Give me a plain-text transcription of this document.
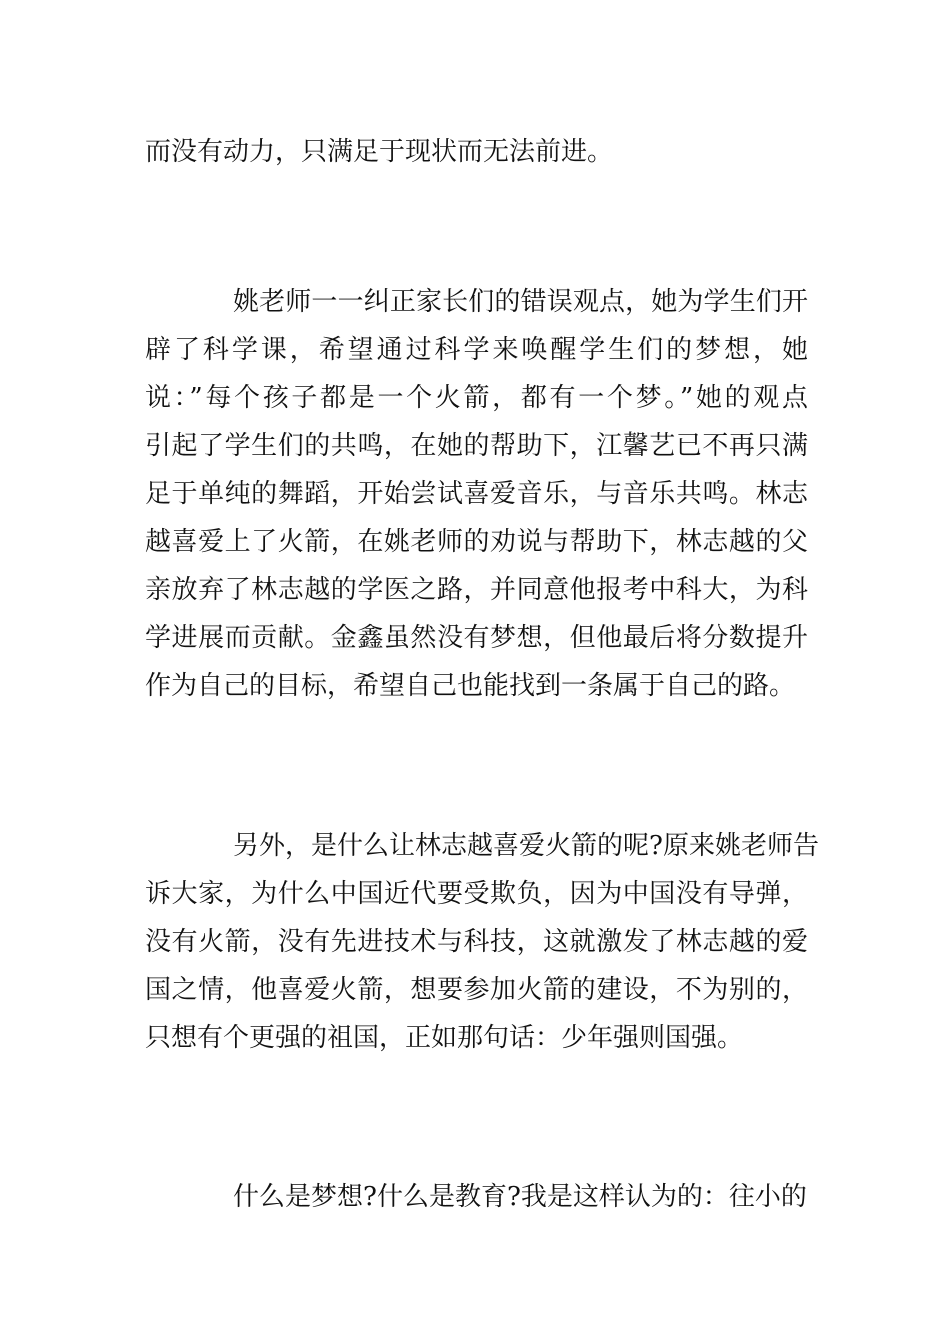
而没有动力，只满足于现状而无法前进。

姚老师一一纠正家长们的错误观点，她为学生们开
辟了科学课，希望通过科学来唤醒学生们的梦想，她
说：”每个孩子都是一个火箭，都有一个梦。”她的观点
引起了学生们的共鸣，在她的帮助下，江馨艺已不再只满
足于单纯的舞蹈，开始尝试喜爱音乐，与音乐共鸣。林志
越喜爱上了火箭，在姚老师的劝说与帮助下，林志越的父
亲放弃了林志越的学医之路，并同意他报考中科大，为科
学进展而贡献。金鑫虽然没有梦想，但他最后将分数提升
作为自己的目标，希望自己也能找到一条属于自己的路。

另外，是什么让林志越喜爱火箭的呢?原来姚老师告
诉大家，为什么中国近代要受欺负，因为中国没有导弹，
没有火箭，没有先进技术与科技，这就激发了林志越的爱
国之情，他喜爱火箭，想要参加火箭的建设，不为别的，
只想有个更强的祖国，正如那句话：少年强则国强。

什么是梦想?什么是教育?我是这样认为的：往小的
